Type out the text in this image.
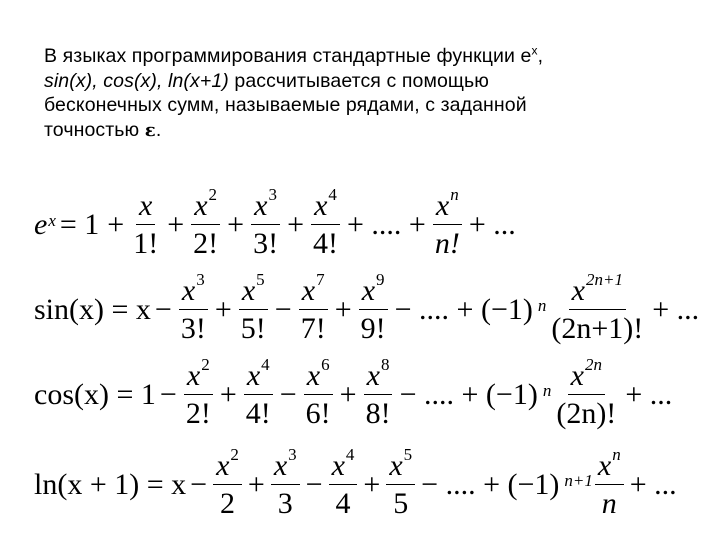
В языках программирования стандартные функции $e^x$,
sin(x), cos(x), ln(x+1) рассчитывается с помощью
бесконечных сумм, называемые рядами, с заданной
точностью ε.
$e^x = 1 + \frac{x}{1!} + \frac{x^2}{2!} + \frac{x^3}{3!} + \frac{x^4}{4!}$ + .... + $\frac{x^n}{n!}$ + ...
$\sin(x) = x - \frac{x^3}{3!} + \frac{x^5}{5!} - \frac{x^7}{7!} + \frac{x^9}{9!}$ − .... + (−1) $^n \frac{x^{2n+1}}{(2n+1)!}$ + ...
$\cos(x) = 1 - \frac{x^2}{2!} + \frac{x^4}{4!} - \frac{x^6}{6!} + \frac{x^8}{8!}$ − .... + (−1) $^n \frac{x^{2n}}{(2n)!}$ + ...
$\ln(x + 1) = x - \frac{x^2}{2} + \frac{x^3}{3} - \frac{x^4}{4} + \frac{x^5}{5}$ − .... + (−1) $^{n+1} \frac{x^n}{n}$ + ...
